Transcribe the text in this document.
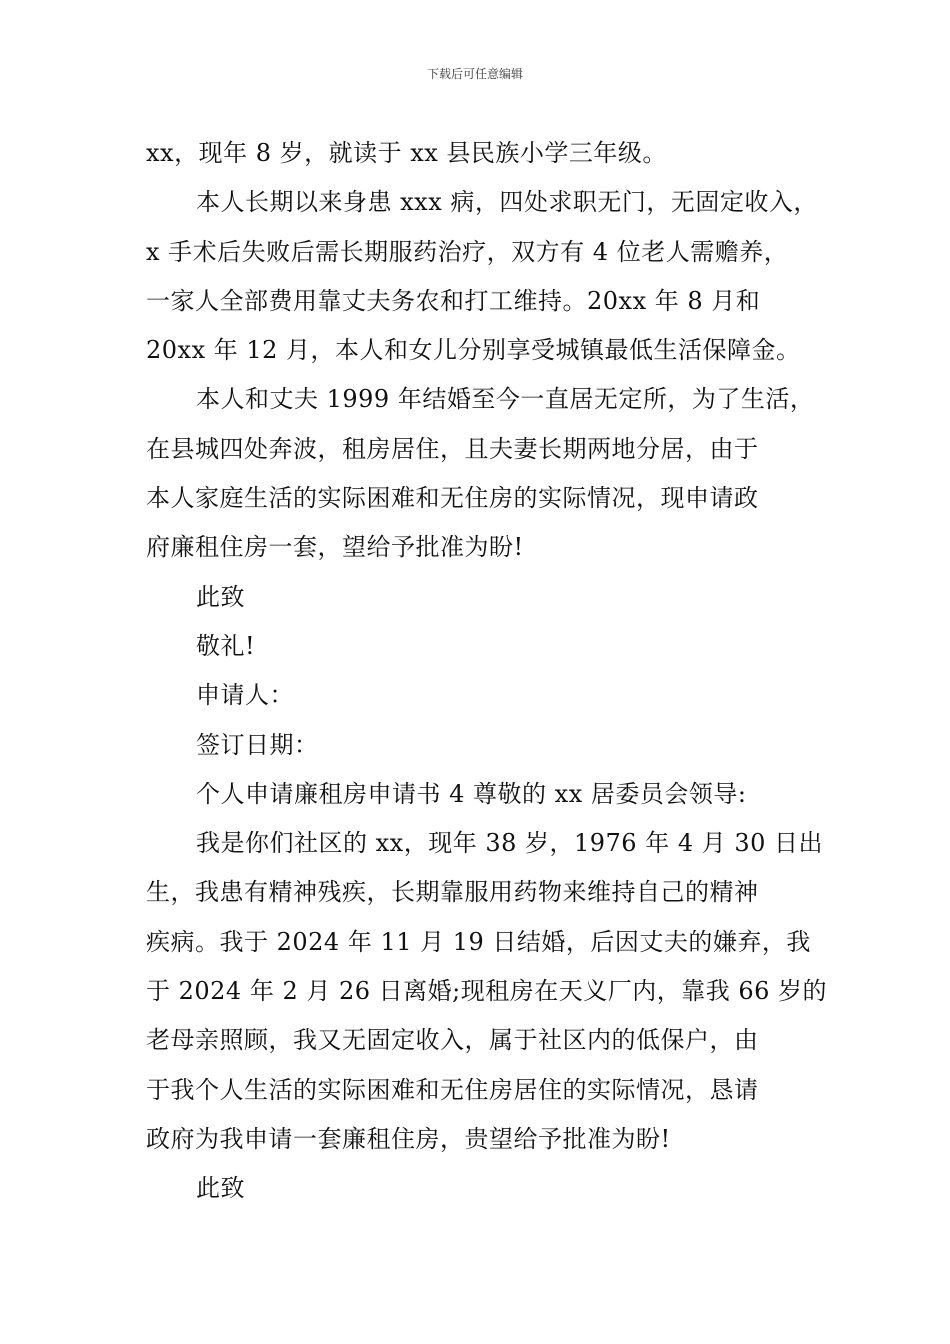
下载后可任意编辑
xx，现年 8 岁，就读于 xx 县民族小学三年级。
本人长期以来身患 xxx 病，四处求职无门，无固定收入，
x 手术后失败后需长期服药治疗，双方有 4 位老人需赡养，
一家人全部费用靠丈夫务农和打工维持。20xx 年 8 月和
20xx 年 12 月，本人和女儿分别享受城镇最低生活保障金。
本人和丈夫 1999 年结婚至今一直居无定所，为了生活，
在县城四处奔波，租房居住，且夫妻长期两地分居，由于
本人家庭生活的实际困难和无住房的实际情况，现申请政
府廉租住房一套，望给予批准为盼!
此致
敬礼!
申请人：
签订日期：
个人申请廉租房申请书 4 尊敬的 xx 居委员会领导:
我是你们社区的 xx，现年 38 岁，1976 年 4 月 30 日出
生，我患有精神残疾，长期靠服用药物来维持自己的精神
疾病。我于 2024 年 11 月 19 日结婚，后因丈夫的嫌弃，我
于 2024 年 2 月 26 日离婚;现租房在天义厂内，靠我 66 岁的
老母亲照顾，我又无固定收入，属于社区内的低保户，由
于我个人生活的实际困难和无住房居住的实际情况，恳请
政府为我申请一套廉租住房，贵望给予批准为盼!
此致
